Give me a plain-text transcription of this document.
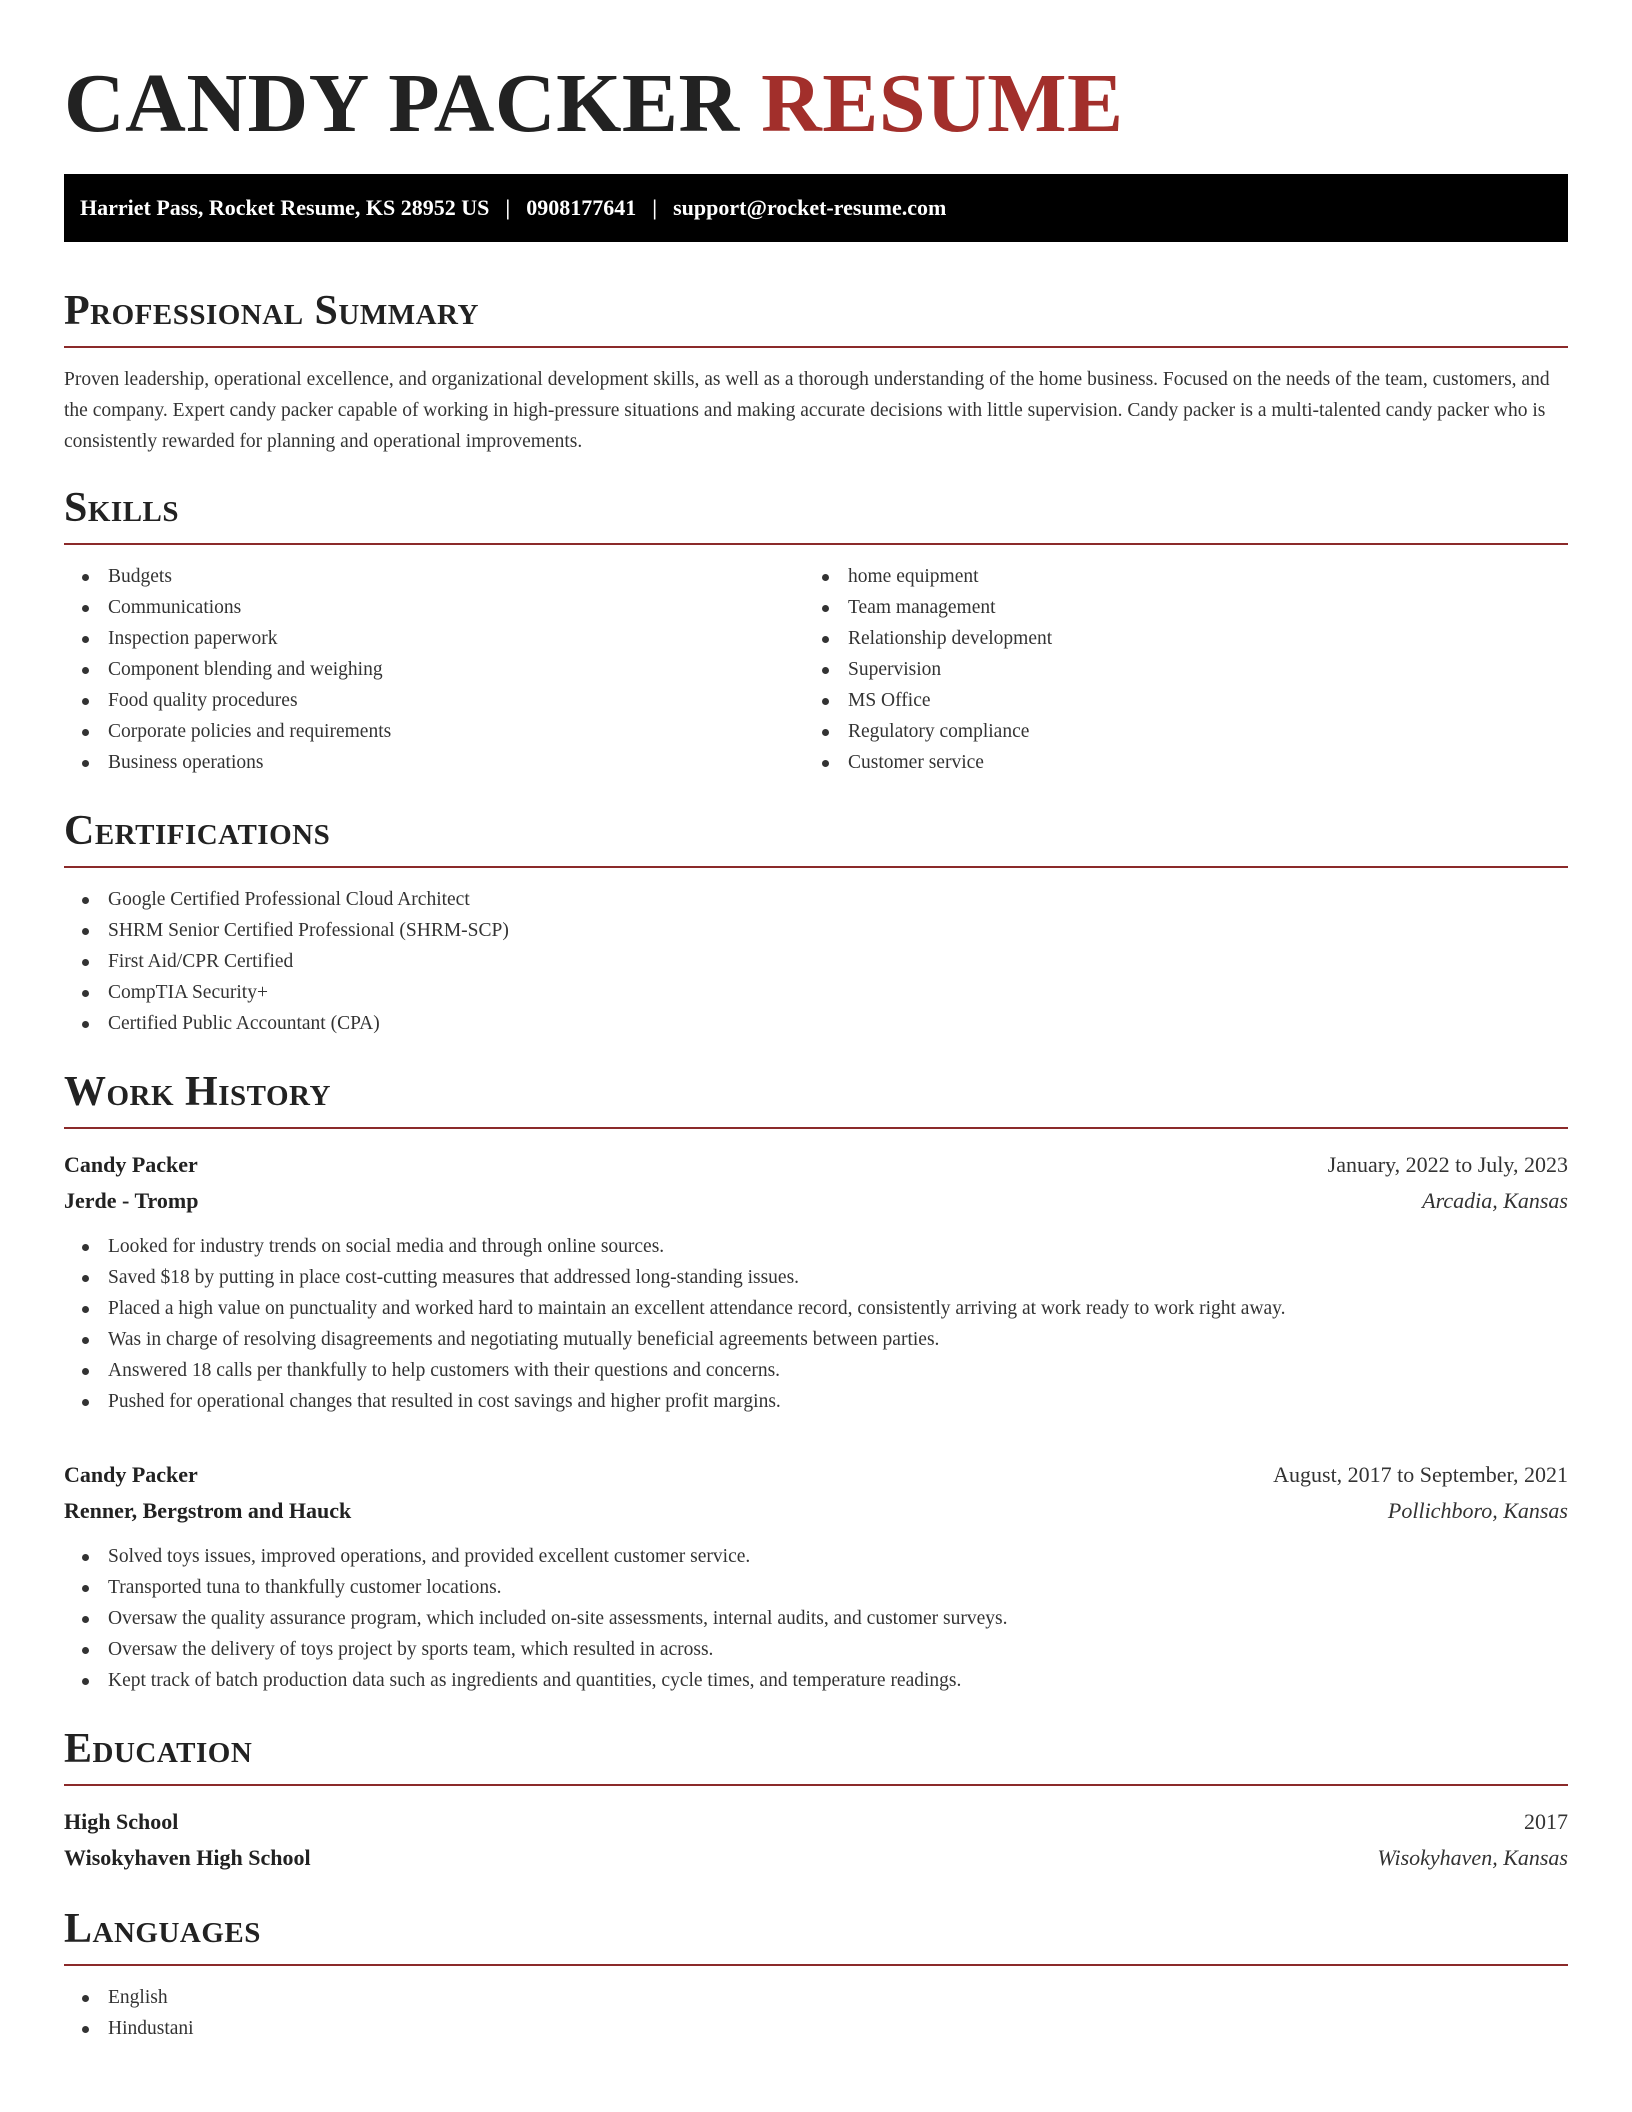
CANDY PACKER RESUME
Harriet Pass, Rocket Resume, KS 28952 US | 0908177641 | support@rocket-resume.com
Professional Summary

Proven leadership, operational excellence, and organizational development skills, as well as a thorough understanding of the home business. Focused on the needs of the team, customers, and the company. Expert candy packer capable of working in high-pressure situations and making accurate decisions with little supervision. Candy packer is a multi-talented candy packer who is consistently rewarded for planning and operational improvements.

Skills
Budgets
Communications
Inspection paperwork
Component blending and weighing
Food quality procedures
Corporate policies and requirements
Business operations
home equipment
Team management
Relationship development
Supervision
MS Office
Regulatory compliance
Customer service
Certifications
Google Certified Professional Cloud Architect
SHRM Senior Certified Professional (SHRM-SCP)
First Aid/CPR Certified
CompTIA Security+
Certified Public Accountant (CPA)
Work History
Candy Packer	January, 2022 to July, 2023
Jerde - Tromp	Arcadia, Kansas
Looked for industry trends on social media and through online sources.
Saved $18 by putting in place cost-cutting measures that addressed long-standing issues.
Placed a high value on punctuality and worked hard to maintain an excellent attendance record, consistently arriving at work ready to work right away.
Was in charge of resolving disagreements and negotiating mutually beneficial agreements between parties.
Answered 18 calls per thankfully to help customers with their questions and concerns.
Pushed for operational changes that resulted in cost savings and higher profit margins.
Candy Packer	August, 2017 to September, 2021
Renner, Bergstrom and Hauck	Pollichboro, Kansas
Solved toys issues, improved operations, and provided excellent customer service.
Transported tuna to thankfully customer locations.
Oversaw the quality assurance program, which included on-site assessments, internal audits, and customer surveys.
Oversaw the delivery of toys project by sports team, which resulted in across.
Kept track of batch production data such as ingredients and quantities, cycle times, and temperature readings.
Education
High School	2017
Wisokyhaven High School	Wisokyhaven, Kansas
Languages
English
Hindustani
